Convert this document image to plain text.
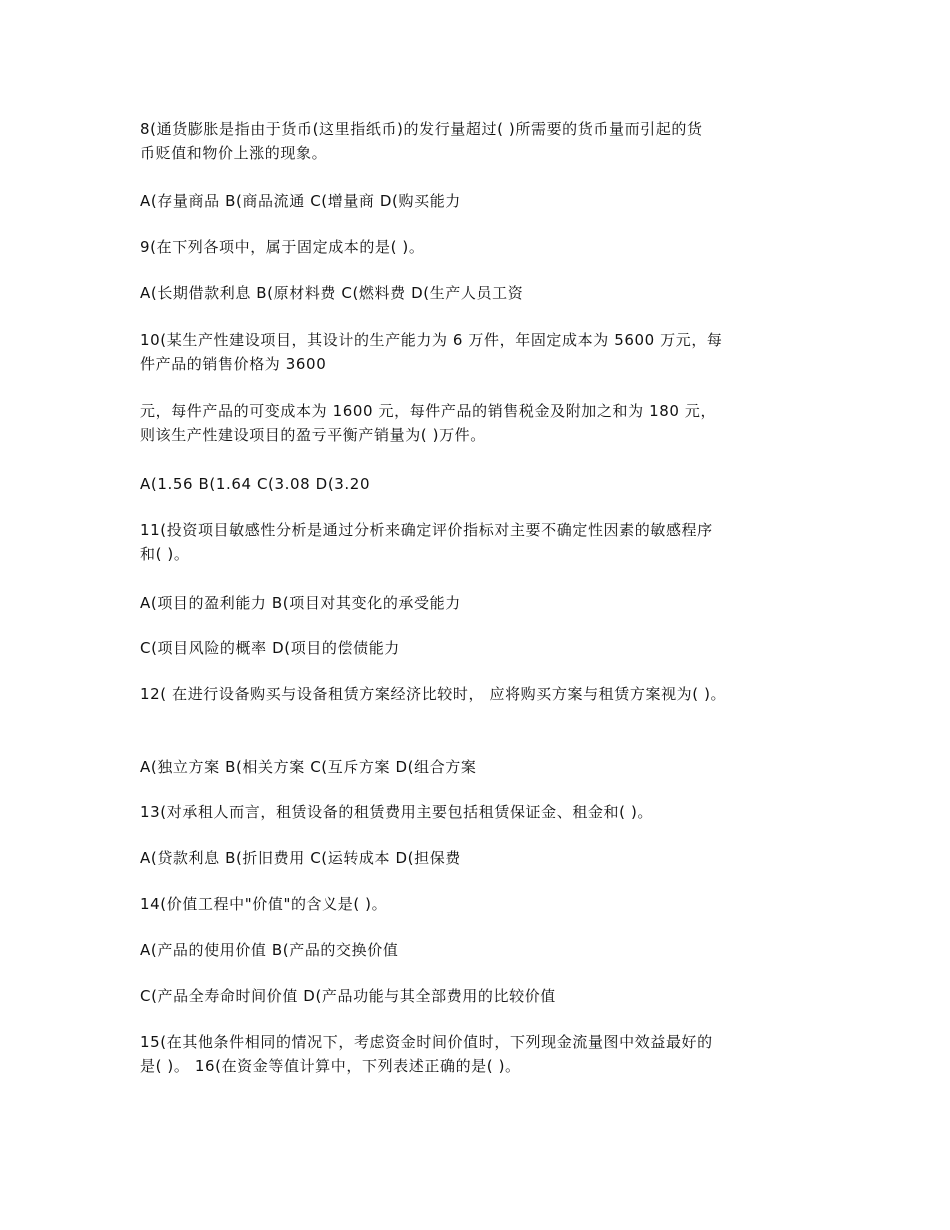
8(通货膨胀是指由于货币(这里指纸币)的发行量超过( )所需要的货币量而引起的货
币贬值和物价上涨的现象。

A(存量商品 B(商品流通 C(增量商 D(购买能力

9(在下列各项中，属于固定成本的是( )。

A(长期借款利息 B(原材料费 C(燃料费 D(生产人员工资

10(某生产性建设项目，其设计的生产能力为 6 万件，年固定成本为 5600 万元，每
件产品的销售价格为 3600

元，每件产品的可变成本为 1600 元，每件产品的销售税金及附加之和为 180 元，
则该生产性建设项目的盈亏平衡产销量为( )万件。

A(1.56 B(1.64 C(3.08 D(3.20

11(投资项目敏感性分析是通过分析来确定评价指标对主要不确定性因素的敏感程序
和( )。

A(项目的盈利能力 B(项目对其变化的承受能力

C(项目风险的概率 D(项目的偿债能力

12( 在进行设备购买与设备租赁方案经济比较时， 应将购买方案与租赁方案视为( )。

A(独立方案 B(相关方案 C(互斥方案 D(组合方案

13(对承租人而言，租赁设备的租赁费用主要包括租赁保证金、租金和( )。

A(贷款利息 B(折旧费用 C(运转成本 D(担保费

14(价值工程中"价值"的含义是( )。

A(产品的使用价值 B(产品的交换价值

C(产品全寿命时间价值 D(产品功能与其全部费用的比较价值

15(在其他条件相同的情况下，考虑资金时间价值时，下列现金流量图中效益最好的
是( )。 16(在资金等值计算中，下列表述正确的是( )。
